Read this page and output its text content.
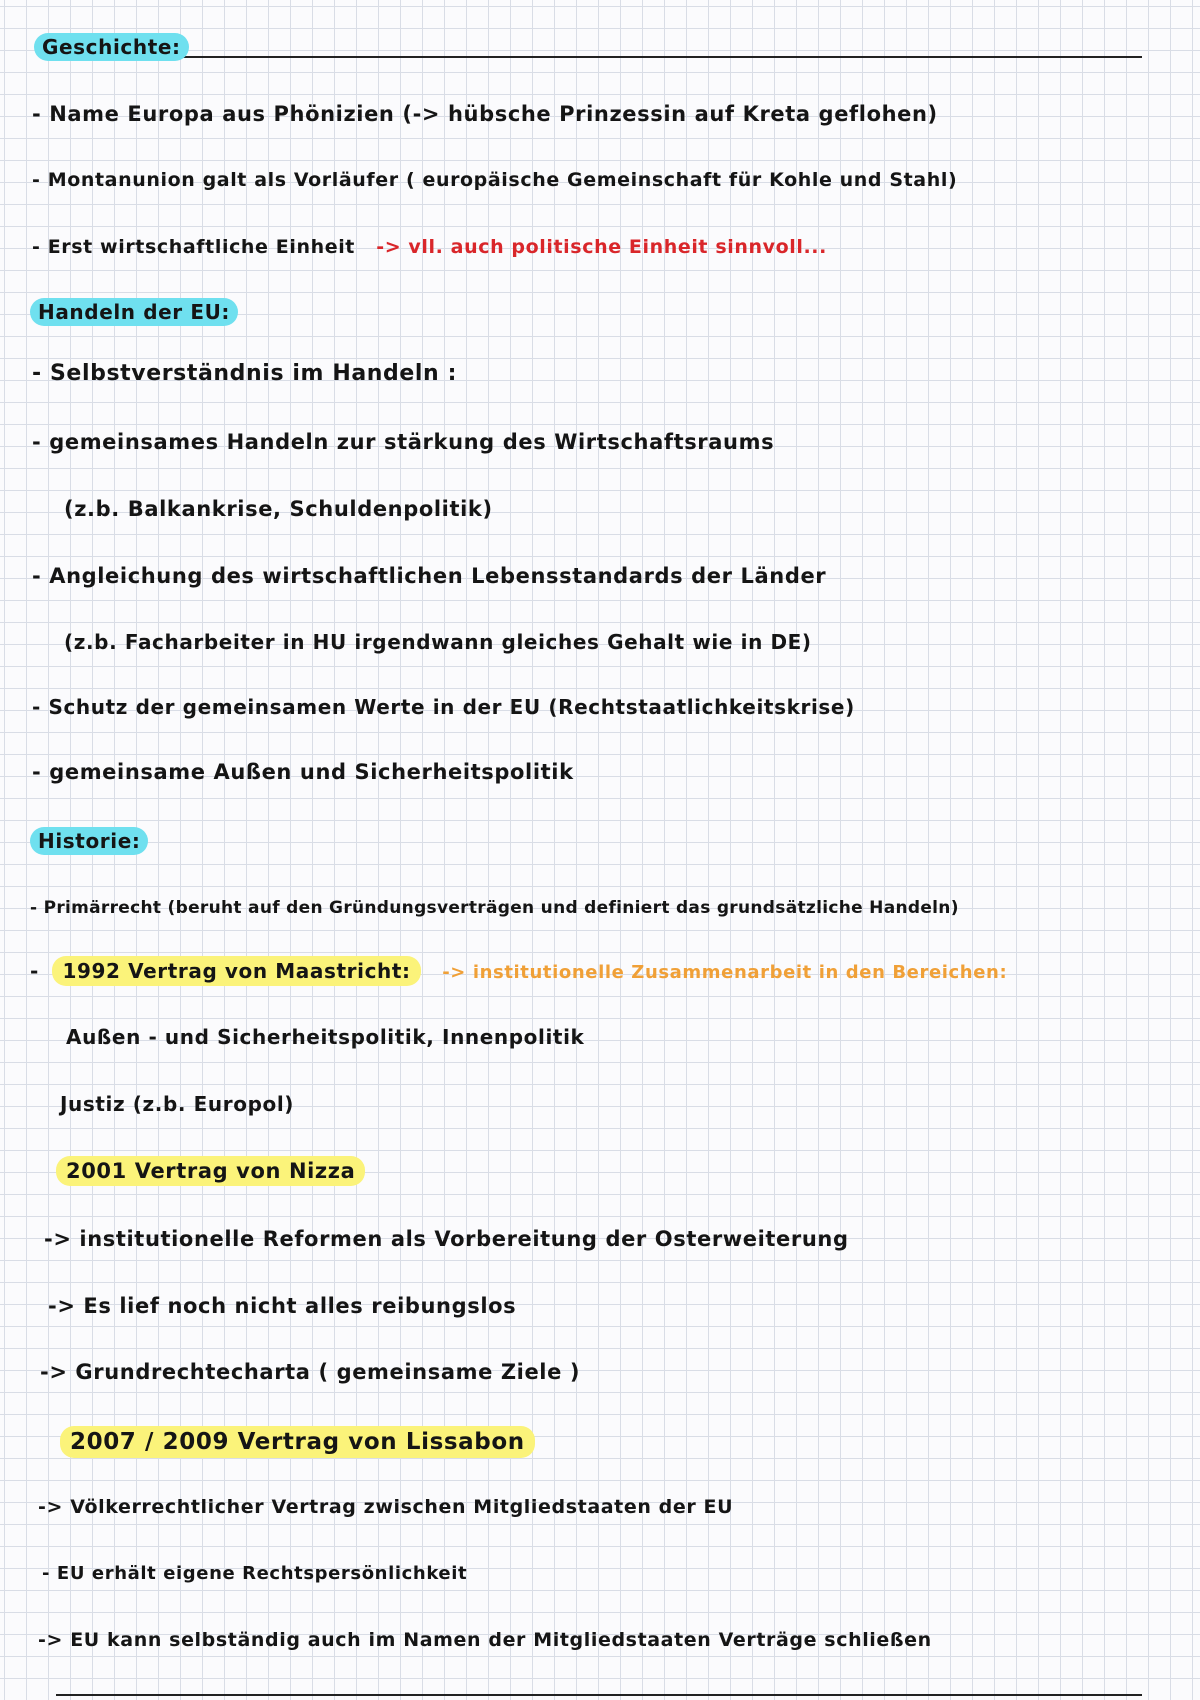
Geschichte:
- Name Europa aus Phönizien (-> hübsche Prinzessin auf Kreta geflohen)
- Montanunion galt als Vorläufer ( europäische Gemeinschaft für Kohle und Stahl)
- Erst wirtschaftliche Einheit -> vll. auch politische Einheit sinnvoll...
Handeln der EU:
- Selbstverständnis im Handeln :
- gemeinsames Handeln zur stärkung des Wirtschaftsraums
(z.b. Balkankrise, Schuldenpolitik)
- Angleichung des wirtschaftlichen Lebensstandards der Länder
(z.b. Facharbeiter in HU irgendwann gleiches Gehalt wie in DE)
- Schutz der gemeinsamen Werte in der EU (Rechtstaatlichkeitskrise)
- gemeinsame Außen und Sicherheitspolitik
Historie:
- Primärrecht (beruht auf den Gründungsverträgen und definiert das grundsätzliche Handeln)
- 1992 Vertrag von Maastricht: -> institutionelle Zusammenarbeit in den Bereichen:
Außen - und Sicherheitspolitik, Innenpolitik
Justiz (z.b. Europol)
2001 Vertrag von Nizza
-> institutionelle Reformen als Vorbereitung der Osterweiterung
-> Es lief noch nicht alles reibungslos
-> Grundrechtecharta ( gemeinsame Ziele )
2007 / 2009 Vertrag von Lissabon
-> Völkerrechtlicher Vertrag zwischen Mitgliedstaaten der EU
- EU erhält eigene Rechtspersönlichkeit
-> EU kann selbständig auch im Namen der Mitgliedstaaten Verträge schließen
